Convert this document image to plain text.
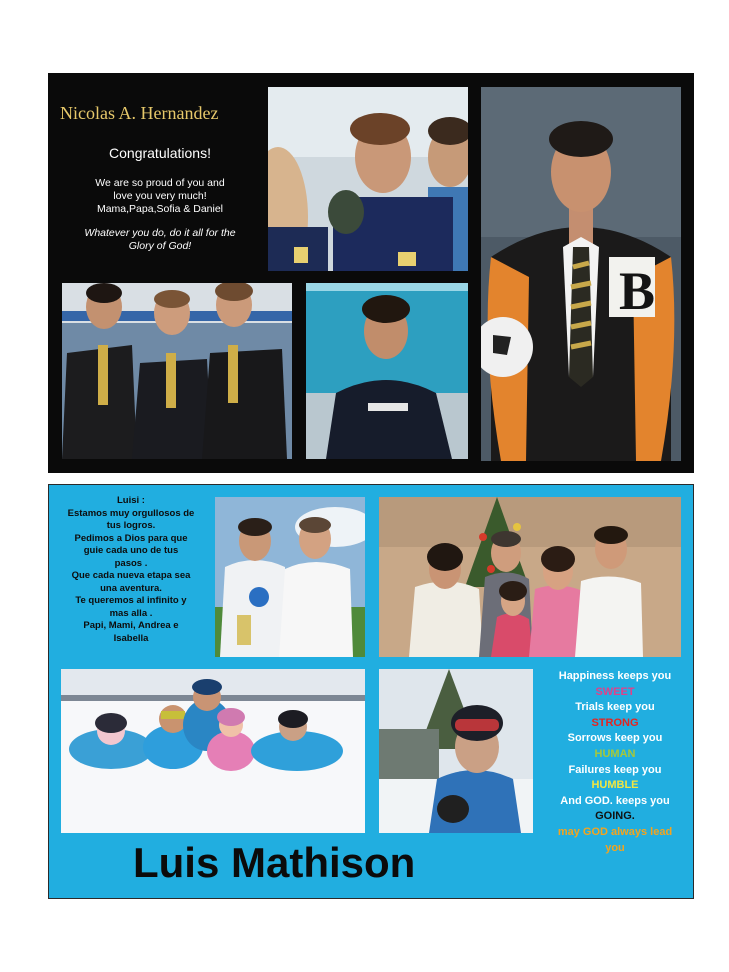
Nicolas A. Hernandez
Congratulations!
We are so proud of you and
love you very much!
Mama,Papa,Sofia & Daniel
Whatever you do, do it all for the
Glory of God!
B
Luisi :
Estamos muy orgullosos de
tus logros.
Pedimos a Dios para que
guie cada uno de tus
pasos .
Que cada nueva etapa sea
una aventura.
Te queremos al infinito y
mas alla .
Papi, Mami, Andrea e
Isabella
Happiness keeps you
SWEET
Trials keep you
STRONG
Sorrows keep you
HUMAN
Failures keep you
HUMBLE
And GOD. keeps you
GOING.
may GOD always lead
you
Luis Mathison
